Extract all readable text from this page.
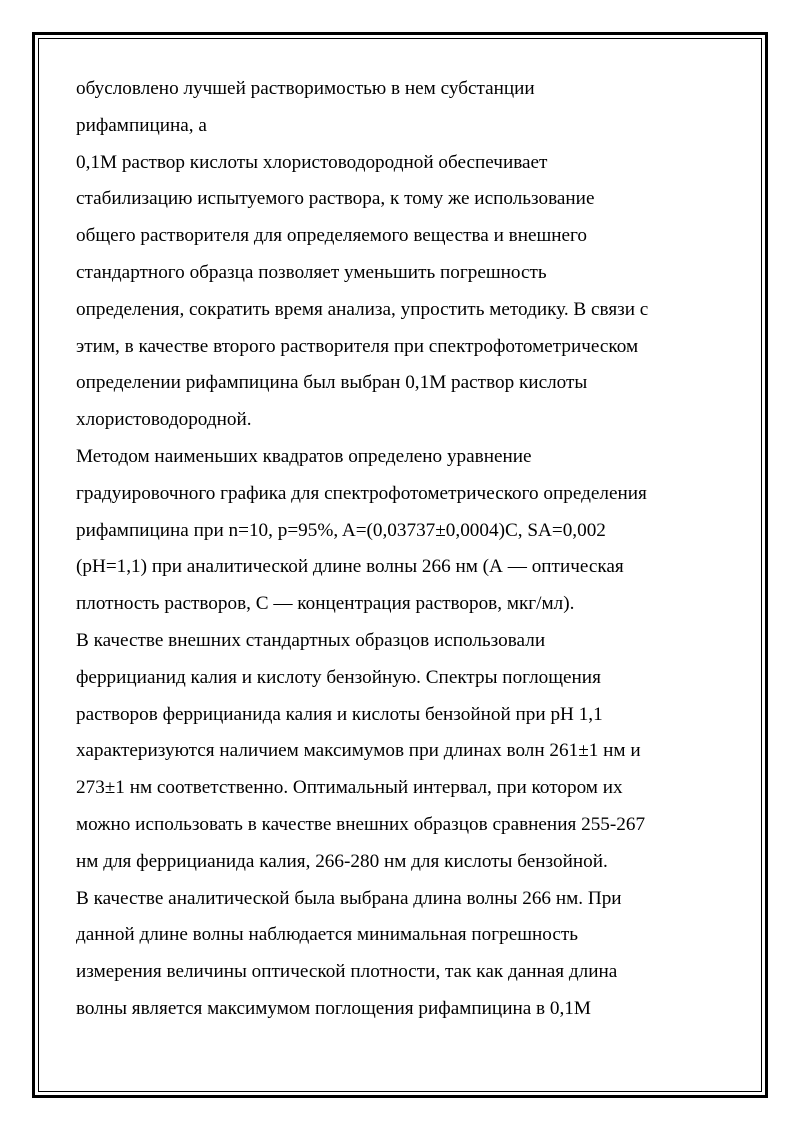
обусловлено лучшей растворимостью в нем субстанции
рифампицина, а
0,1М раствор кислоты хлористоводородной обеспечивает
стабилизацию испытуемого раствора, к тому же использование
общего растворителя для определяемого вещества и внешнего
стандартного образца позволяет уменьшить погрешность
определения, сократить время анализа, упростить методику. В связи с
этим, в качестве второго растворителя при спектрофотометрическом
определении рифампицина был выбран 0,1М раствор кислоты
хлористоводородной.
Методом наименьших квадратов определено уравнение
градуировочного графика для спектрофотометрического определения
рифампицина при n=10, p=95%, A=(0,03737±0,0004)С, SA=0,002
(pH=1,1) при аналитической длине волны 266 нм (А — оптическая
плотность растворов, С — концентрация растворов, мкг/мл).
В качестве внешних стандартных образцов использовали
феррицианид калия и кислоту бензойную. Спектры поглощения
растворов феррицианида калия и кислоты бензойной при pH 1,1
характеризуются наличием максимумов при длинах волн 261±1 нм и
273±1 нм соответственно. Оптимальный интервал, при котором их
можно использовать в качестве внешних образцов сравнения 255-267
нм для феррицианида калия, 266-280 нм для кислоты бензойной.
В качестве аналитической была выбрана длина волны 266 нм. При
данной длине волны наблюдается минимальная погрешность
измерения величины оптической плотности, так как данная длина
волны является максимумом поглощения рифампицина в 0,1М
